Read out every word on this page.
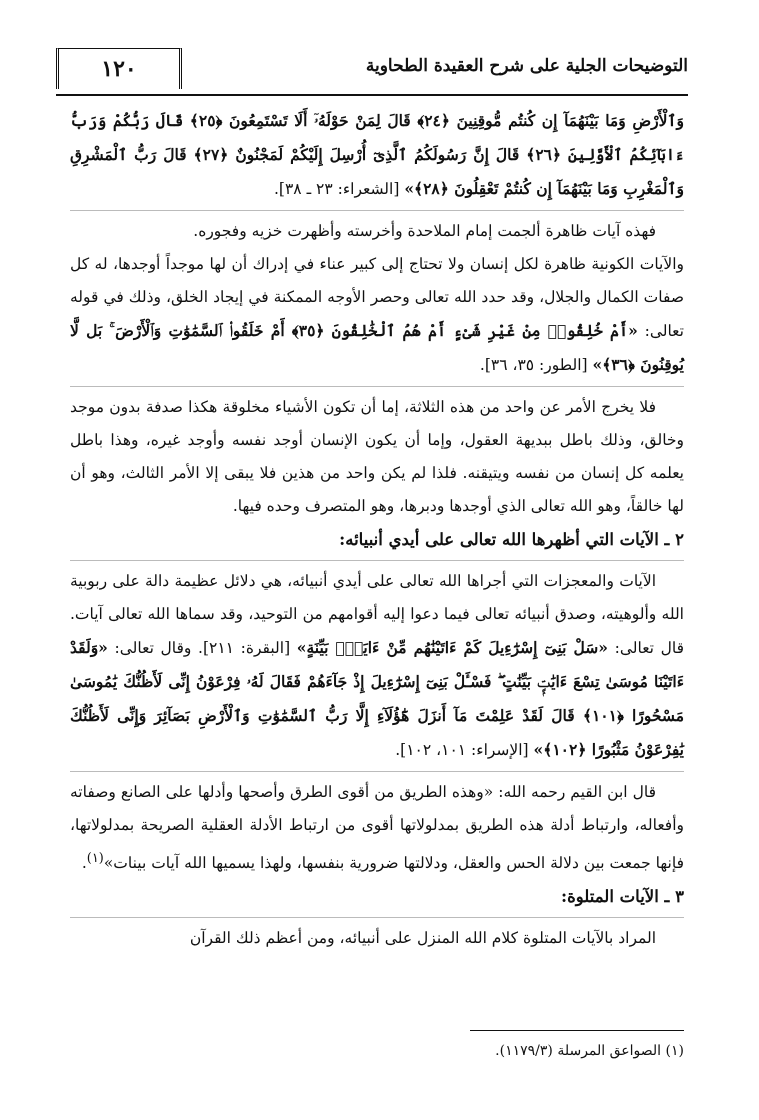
التوضيحات الجلية على شرح العقيدة الطحاوية
١٢٠

وَٱلْأَرْضِ وَمَا بَيْنَهُمَآ إِن كُنتُم مُّوقِنِينَ ﴿٢٤﴾ قَالَ لِمَنْ حَوْلَهُۥٓ أَلَا تَسْتَمِعُونَ ﴿٢٥﴾ قَالَ رَبُّكُمْ وَرَبُّ ءَابَآئِكُمُ ٱلْأَوَّلِينَ ﴿٢٦﴾ قَالَ إِنَّ رَسُولَكُمُ ٱلَّذِىٓ أُرْسِلَ إِلَيْكُمْ لَمَجْنُونٌ ﴿٢٧﴾ قَالَ رَبُّ ٱلْمَشْرِقِ وَٱلْمَغْرِبِ وَمَا بَيْنَهُمَآ إِن كُنتُمْ تَعْقِلُونَ ﴿٢٨﴾» [الشعراء: ٢٣ ـ ٣٨].

فهذه آيات ظاهرة ألجمت إمام الملاحدة وأخرسته وأظهرت خزيه وفجوره.

والآيات الكونية ظاهرة لكل إنسان ولا تحتاج إلى كبير عناء في إدراك أن لها موجداً أوجدها، له كل صفات الكمال والجلال، وقد حدد الله تعالى وحصر الأوجه الممكنة في إيجاد الخلق، وذلك في قوله تعالى: «أَمْ خُلِقُوا۟ مِنْ غَيْرِ شَىْءٍ أَمْ هُمُ ٱلْخَٰلِقُونَ ﴿٣٥﴾ أَمْ خَلَقُوا۟ ٱلسَّمَٰوَٰتِ وَٱلْأَرْضَ ۚ بَل لَّا يُوقِنُونَ ﴿٣٦﴾» [الطور: ٣٥، ٣٦].

فلا يخرج الأمر عن واحد من هذه الثلاثة، إما أن تكون الأشياء مخلوقة هكذا صدفة بدون موجد وخالق، وذلك باطل ببديهة العقول، وإما أن يكون الإنسان أوجد نفسه وأوجد غيره، وهذا باطل يعلمه كل إنسان من نفسه ويتيقنه. فلذا لم يكن واحد من هذين فلا يبقى إلا الأمر الثالث، وهو أن لها خالقاً، وهو الله تعالى الذي أوجدها ودبرها، وهو المتصرف وحده فيها.

٢ ـ الآيات التي أظهرها الله تعالى على أيدي أنبيائه:

الآيات والمعجزات التي أجراها الله تعالى على أيدي أنبيائه، هي دلائل عظيمة دالة على ربوبية الله وألوهيته، وصدق أنبيائه تعالى فيما دعوا إليه أقوامهم من التوحيد، وقد سماها الله تعالى آيات. قال تعالى: «سَلْ بَنِىٓ إِسْرَٰٓءِيلَ كَمْ ءَاتَيْنَٰهُم مِّنْ ءَايَةٍۭ بَيِّنَةٍ» [البقرة: ٢١١]. وقال تعالى: «وَلَقَدْ ءَاتَيْنَا مُوسَىٰ تِسْعَ ءَايَٰتٍۭ بَيِّنَٰتٍ ۖ فَسْـَٔلْ بَنِىٓ إِسْرَٰٓءِيلَ إِذْ جَآءَهُمْ فَقَالَ لَهُۥ فِرْعَوْنُ إِنِّى لَأَظُنُّكَ يَٰمُوسَىٰ مَسْحُورًا ﴿١٠١﴾ قَالَ لَقَدْ عَلِمْتَ مَآ أَنزَلَ هَٰٓؤُلَآءِ إِلَّا رَبُّ ٱلسَّمَٰوَٰتِ وَٱلْأَرْضِ بَصَآئِرَ وَإِنِّى لَأَظُنُّكَ يَٰفِرْعَوْنُ مَثْبُورًا ﴿١٠٢﴾» [الإسراء: ١٠١، ١٠٢].

قال ابن القيم رحمه الله: «وهذه الطريق من أقوى الطرق وأصحها وأدلها على الصانع وصفاته وأفعاله، وارتباط أدلة هذه الطريق بمدلولاتها أقوى من ارتباط الأدلة العقلية الصريحة بمدلولاتها، فإنها جمعت بين دلالة الحس والعقل، ودلالتها ضرورية بنفسها، ولهذا يسميها الله آيات بينات»$^{(١)}$.

٣ ـ الآيات المتلوة:

المراد بالآيات المتلوة كلام الله المنزل على أنبيائه، ومن أعظم ذلك القرآن

(١) الصواعق المرسلة (١١٧٩/٣).
